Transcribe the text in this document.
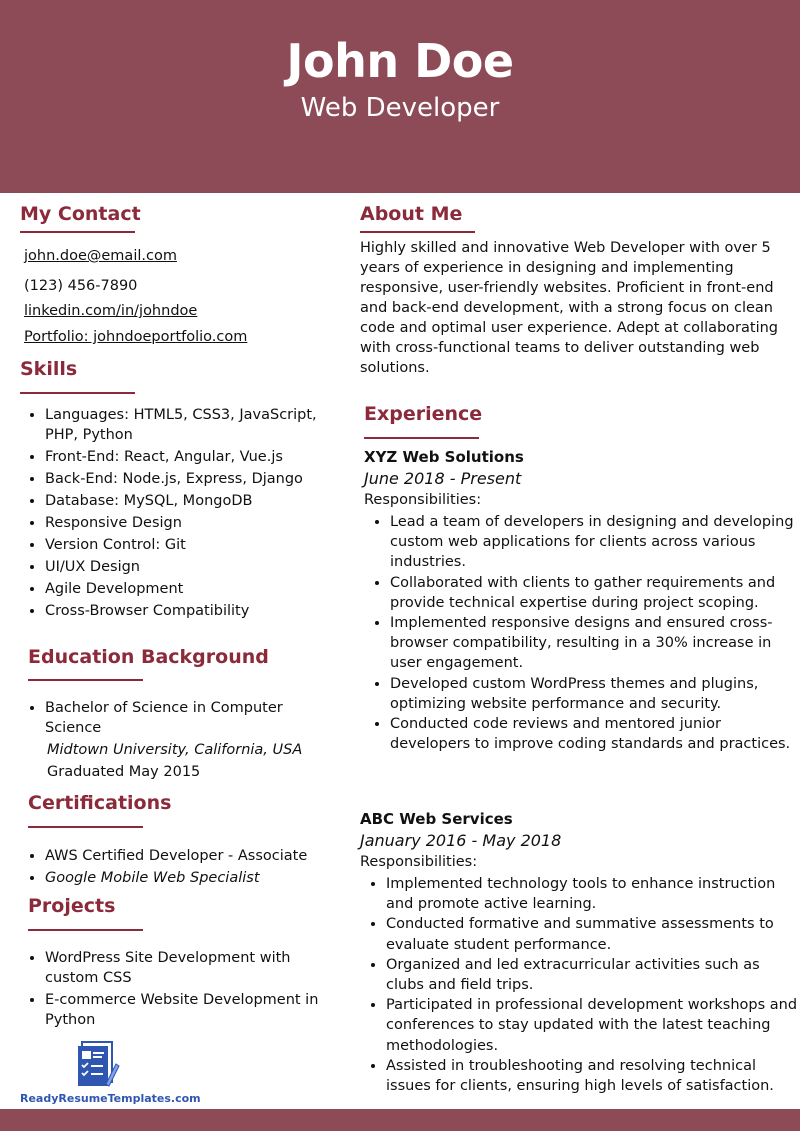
John Doe
Web Developer
My Contact
john.doe@email.com
(123) 456-7890
linkedin.com/in/johndoe
Portfolio: johndoeportfolio.com
Skills
• Languages: HTML5, CSS3, JavaScript, PHP, Python
• Front-End: React, Angular, Vue.js
• Back-End: Node.js, Express, Django
• Database: MySQL, MongoDB
• Responsive Design
• Version Control: Git
• UI/UX Design
• Agile Development
• Cross-Browser Compatibility
Education Background
• Bachelor of Science in Computer Science
Midtown University, California, USA
Graduated May 2015
Certifications
• AWS Certified Developer - Associate
• Google Mobile Web Specialist
Projects
• WordPress Site Development with custom CSS
• E-commerce Website Development in Python
ReadyResumeTemplates.com
About Me
Highly skilled and innovative Web Developer with over 5 years of experience in designing and implementing responsive, user-friendly websites. Proficient in front-end and back-end development, with a strong focus on clean code and optimal user experience. Adept at collaborating with cross-functional teams to deliver outstanding web solutions.
Experience
XYZ Web Solutions
June 2018 - Present
Responsibilities:
• Lead a team of developers in designing and developing custom web applications for clients across various industries.
• Collaborated with clients to gather requirements and provide technical expertise during project scoping.
• Implemented responsive designs and ensured cross-browser compatibility, resulting in a 30% increase in user engagement.
• Developed custom WordPress themes and plugins, optimizing website performance and security.
• Conducted code reviews and mentored junior developers to improve coding standards and practices.
ABC Web Services
January 2016 - May 2018
Responsibilities:
• Implemented technology tools to enhance instruction and promote active learning.
• Conducted formative and summative assessments to evaluate student performance.
• Organized and led extracurricular activities such as clubs and field trips.
• Participated in professional development workshops and conferences to stay updated with the latest teaching methodologies.
• Assisted in troubleshooting and resolving technical issues for clients, ensuring high levels of satisfaction.
